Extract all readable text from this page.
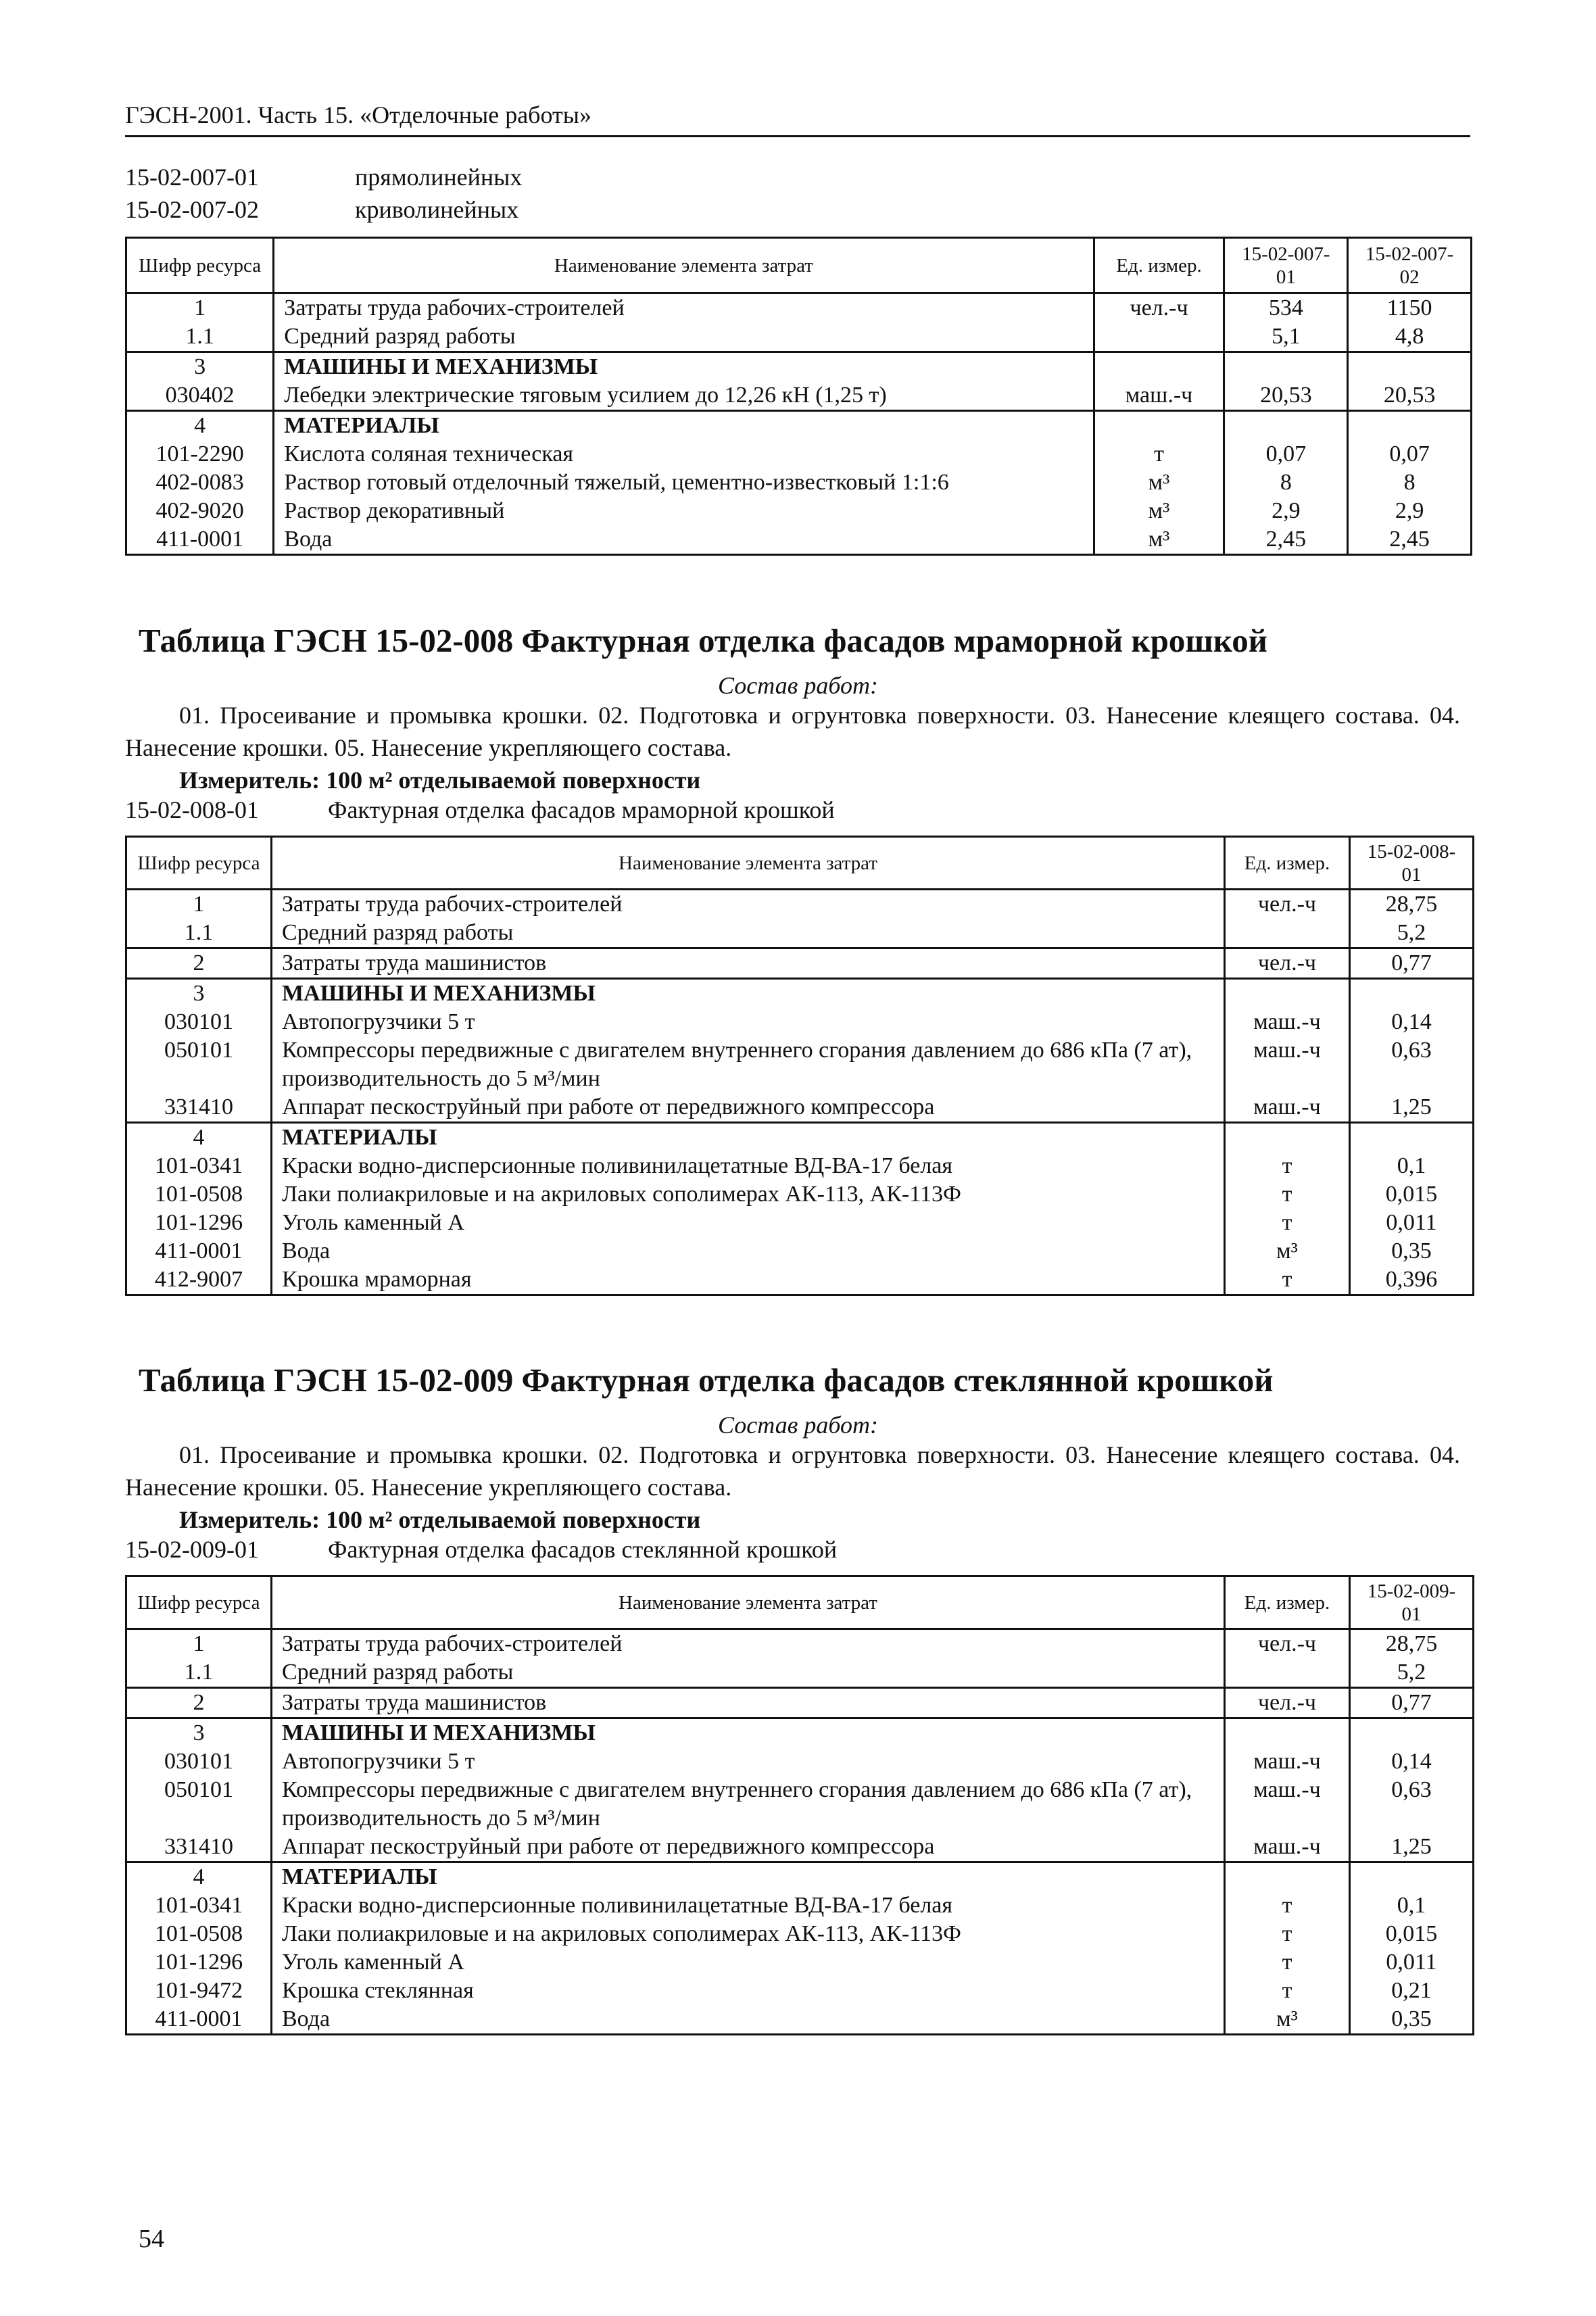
ГЭСН-2001. Часть 15. «Отделочные работы»
15-02-007-01	прямолинейных
15-02-007-02	криволинейных
Шифр ресурса	Наименование элемента затрат	Ед. измер.	15-02-007-01	15-02-007-02
1	Затраты труда рабочих-строителей	чел.-ч	534	1150
1.1	Средний разряд работы		5,1	4,8
3	МАШИНЫ И МЕХАНИЗМЫ			
030402	Лебедки электрические тяговым усилием до 12,26 кН (1,25 т)	маш.-ч	20,53	20,53
4	МАТЕРИАЛЫ			
101-2290	Кислота соляная техническая	т	0,07	0,07
402-0083	Раствор готовый отделочный тяжелый, цементно-известковый 1:1:6	м³	8	8
402-9020	Раствор декоративный	м³	2,9	2,9
411-0001	Вода	м³	2,45	2,45
Таблица ГЭСН 15-02-008 Фактурная отделка фасадов мраморной крошкой
Состав работ:
01. Просеивание и промывка крошки. 02. Подготовка и огрунтовка поверхности. 03. Нанесение клеящего состава. 04. Нанесение крошки. 05. Нанесение укрепляющего состава.
Измеритель: 100 м² отделываемой поверхности
15-02-008-01	Фактурная отделка фасадов мраморной крошкой
Шифр ресурса	Наименование элемента затрат	Ед. измер.	15-02-008-01
1	Затраты труда рабочих-строителей	чел.-ч	28,75
1.1	Средний разряд работы		5,2
2	Затраты труда машинистов	чел.-ч	0,77
3	МАШИНЫ И МЕХАНИЗМЫ		
030101	Автопогрузчики 5 т	маш.-ч	0,14
050101	Компрессоры передвижные с двигателем внутреннего сгорания давлением до 686 кПа (7 ат), производительность до 5 м³/мин	маш.-ч	0,63
331410	Аппарат пескоструйный при работе от передвижного компрессора	маш.-ч	1,25
4	МАТЕРИАЛЫ		
101-0341	Краски водно-дисперсионные поливинилацетатные ВД-ВА-17 белая	т	0,1
101-0508	Лаки полиакриловые и на акриловых сополимерах АК-113, АК-113Ф	т	0,015
101-1296	Уголь каменный А	т	0,011
411-0001	Вода	м³	0,35
412-9007	Крошка мраморная	т	0,396
Таблица ГЭСН 15-02-009 Фактурная отделка фасадов стеклянной крошкой
Состав работ:
01. Просеивание и промывка крошки. 02. Подготовка и огрунтовка поверхности. 03. Нанесение клеящего состава. 04. Нанесение крошки. 05. Нанесение укрепляющего состава.
Измеритель: 100 м² отделываемой поверхности
15-02-009-01	Фактурная отделка фасадов стеклянной крошкой
Шифр ресурса	Наименование элемента затрат	Ед. измер.	15-02-009-01
1	Затраты труда рабочих-строителей	чел.-ч	28,75
1.1	Средний разряд работы		5,2
2	Затраты труда машинистов	чел.-ч	0,77
3	МАШИНЫ И МЕХАНИЗМЫ		
030101	Автопогрузчики 5 т	маш.-ч	0,14
050101	Компрессоры передвижные с двигателем внутреннего сгорания давлением до 686 кПа (7 ат), производительность до 5 м³/мин	маш.-ч	0,63
331410	Аппарат пескоструйный при работе от передвижного компрессора	маш.-ч	1,25
4	МАТЕРИАЛЫ		
101-0341	Краски водно-дисперсионные поливинилацетатные ВД-ВА-17 белая	т	0,1
101-0508	Лаки полиакриловые и на акриловых сополимерах АК-113, АК-113Ф	т	0,015
101-1296	Уголь каменный А	т	0,011
101-9472	Крошка стеклянная	т	0,21
411-0001	Вода	м³	0,35
54
